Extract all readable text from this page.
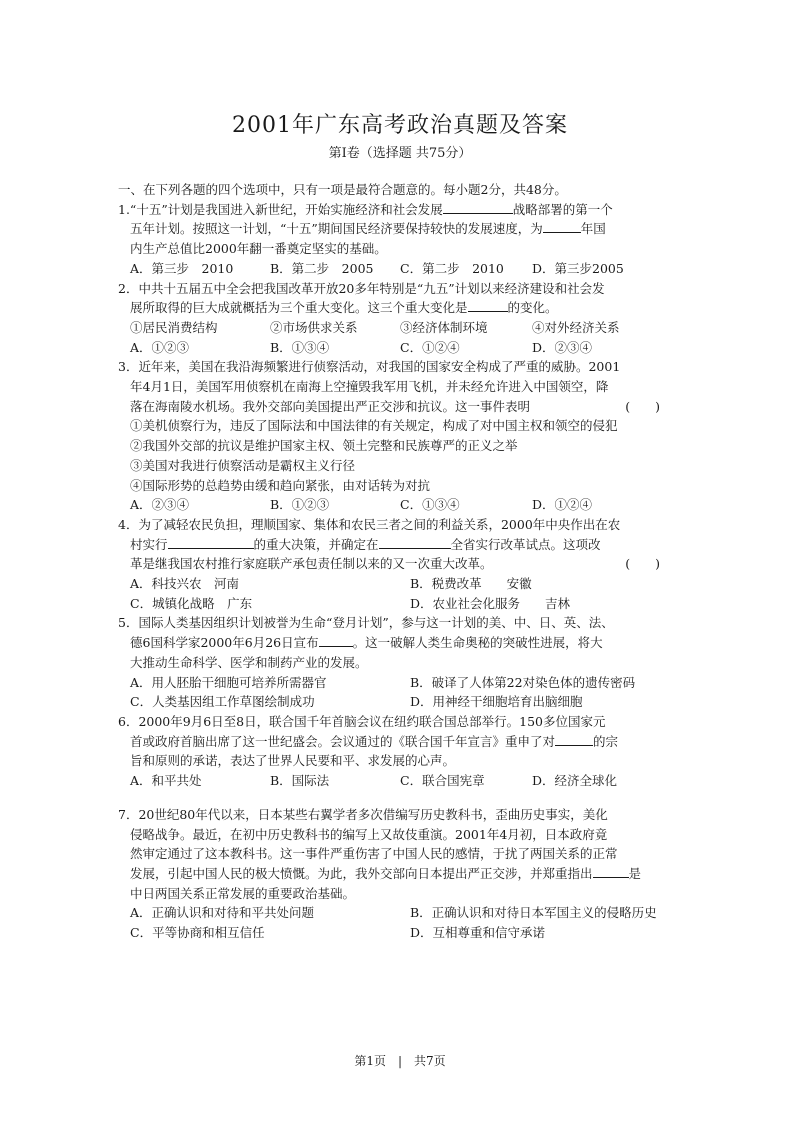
2001年广东高考政治真题及答案
第Ⅰ卷（选择题 共75分）
一、在下列各题的四个选项中，只有一项是最符合题意的。每小题2分，共48分。
1.“十五”计划是我国进入新世纪，开始实施经济和社会发展	战略部署的第一个
五年计划。按照这一计划，“十五”期间国民经济要保持较快的发展速度，为	年国
内生产总值比2000年翻一番奠定坚实的基础。
A．第三步　2010	B．第二步　2005	C．第二步　2010	D．第三步2005
2．中共十五届五中全会把我国改革开放20多年特别是“九五”计划以来经济建设和社会发
展所取得的巨大成就概括为三个重大变化。这三个重大变化是	的变化。
①居民消费结构	②市场供求关系	③经济体制环境	④对外经济关系
A．①②③	B．①③④	C．①②④	D．②③④
3．近年来，美国在我沿海频繁进行侦察活动，对我国的国家安全构成了严重的威胁。2001
年4月1日，美国军用侦察机在南海上空撞毁我军用飞机，并未经允许进入中国领空，降
落在海南陵水机场。我外交部向美国提出严正交涉和抗议。这一事件表明	(　　)
①美机侦察行为，违反了国际法和中国法律的有关规定，构成了对中国主权和领空的侵犯
②我国外交部的抗议是维护国家主权、领土完整和民族尊严的正义之举
③美国对我进行侦察活动是霸权主义行径
④国际形势的总趋势由缓和趋向紧张，由对话转为对抗
A．②③④	B．①②③	C．①③④	D．①②④
4．为了减轻农民负担，理顺国家、集体和农民三者之间的利益关系，2000年中央作出在农
村实行	的重大决策，并确定在	全省实行改革试点。这项改
革是继我国农村推行家庭联产承包责任制以来的又一次重大改革。	(　　)
A．科技兴农　河南	B．税费改革　　安徽
C．城镇化战略　广东	D．农业社会化服务　　吉林
5．国际人类基因组织计划被誉为生命“登月计划”，参与这一计划的美、中、日、英、法、
德6国科学家2000年6月26日宣布	。这一破解人类生命奥秘的突破性进展，将大
大推动生命科学、医学和制药产业的发展。
A．用人胚胎干细胞可培养所需器官	B．破译了人体第22对染色体的遗传密码
C．人类基因组工作草图绘制成功	D．用神经干细胞培育出脑细胞
6．2000年9月6日至8日，联合国千年首脑会议在纽约联合国总部举行。150多位国家元
首或政府首脑出席了这一世纪盛会。会议通过的《联合国千年宣言》重申了对	的宗
旨和原则的承诺，表达了世界人民要和平、求发展的心声。
A．和平共处	B．国际法	C．联合国宪章	D．经济全球化
7．20世纪80年代以来，日本某些右翼学者多次借编写历史教科书，歪曲历史事实，美化
侵略战争。最近，在初中历史教科书的编写上又故伎重演。2001年4月初，日本政府竟
然审定通过了这本教科书。这一事件严重伤害了中国人民的感情，于扰了两国关系的正常
发展，引起中国人民的极大愤慨。为此，我外交部向日本提出严正交涉，并郑重指出	是
中日两国关系正常发展的重要政治基础。
A．正确认识和对待和平共处问题	B．正确认识和对待日本军国主义的侵略历史
C．平等协商和相互信任	D．互相尊重和信守承诺
第1页　|　共7页
